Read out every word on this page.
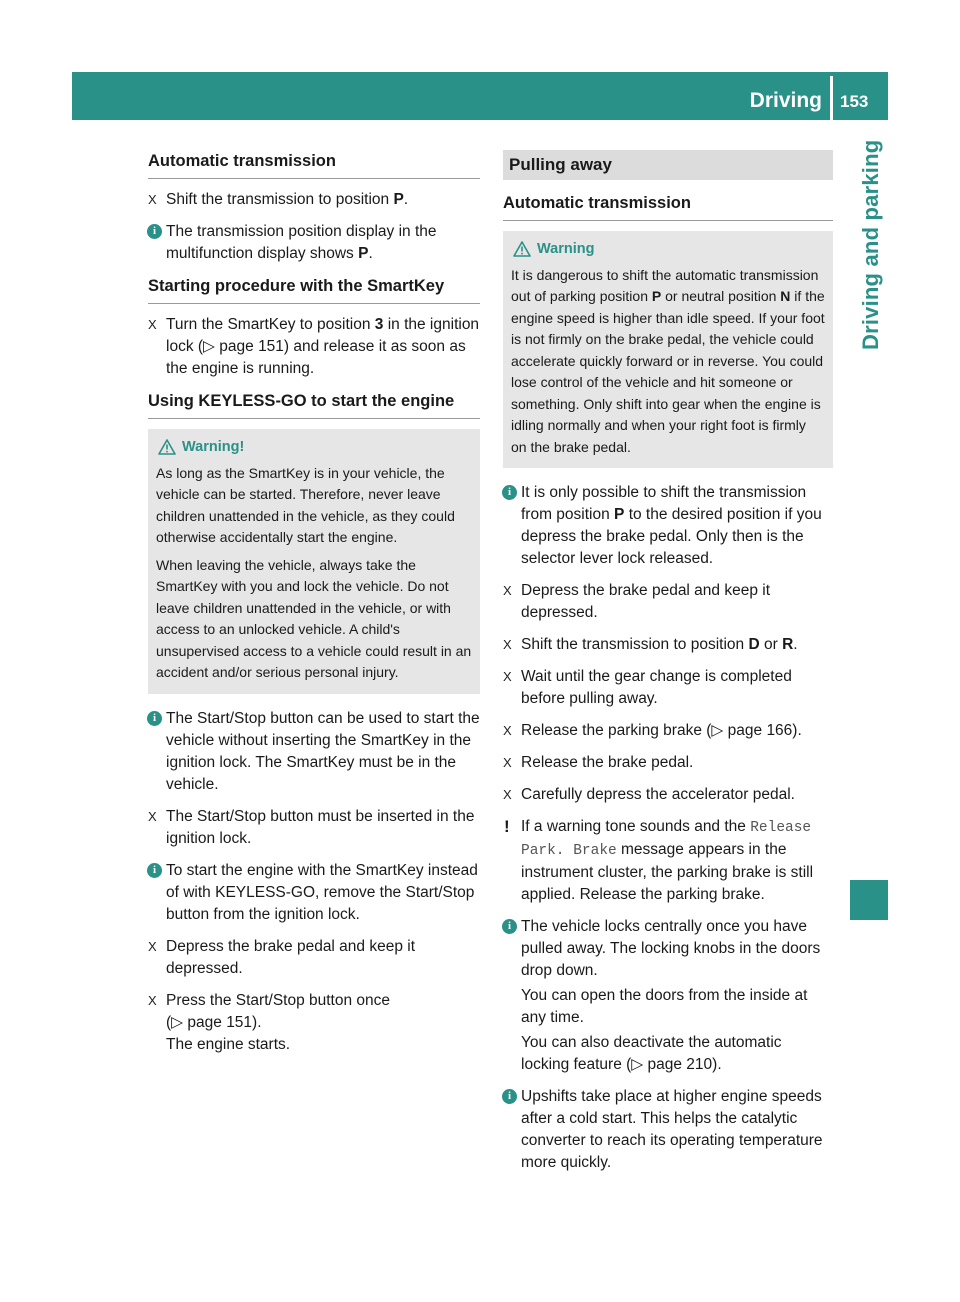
Driving 153
Driving and parking
Automatic transmission
X Shift the transmission to position P.
i The transmission position display in the multifunction display shows P.
Starting procedure with the SmartKey
X Turn the SmartKey to position 3 in the ignition lock (▷ page 151) and release it as soon as the engine is running.
Using KEYLESS-GO to start the engine
Warning!

As long as the SmartKey is in your vehicle, the vehicle can be started. Therefore, never leave children unattended in the vehicle, as they could otherwise accidentally start the engine.

When leaving the vehicle, always take the SmartKey with you and lock the vehicle. Do not leave children unattended in the vehicle, or with access to an unlocked vehicle. A child's unsupervised access to a vehicle could result in an accident and/or serious personal injury.

i The Start/Stop button can be used to start the vehicle without inserting the SmartKey in the ignition lock. The SmartKey must be in the vehicle.
X The Start/Stop button must be inserted in the ignition lock.
i To start the engine with the SmartKey instead of with KEYLESS-GO, remove the Start/Stop button from the ignition lock.
X Depress the brake pedal and keep it depressed.
X Press the Start/Stop button once
(▷ page 151).
The engine starts.
Pulling away
Automatic transmission
Warning

It is dangerous to shift the automatic transmission out of parking position P or neutral position N if the engine speed is higher than idle speed. If your foot is not firmly on the brake pedal, the vehicle could accelerate quickly forward or in reverse. You could lose control of the vehicle and hit someone or something. Only shift into gear when the engine is idling normally and when your right foot is firmly on the brake pedal.

i It is only possible to shift the transmission from position P to the desired position if you depress the brake pedal. Only then is the selector lever lock released.
X Depress the brake pedal and keep it depressed.
X Shift the transmission to position D or R.
X Wait until the gear change is completed before pulling away.
X Release the parking brake (▷ page 166).
X Release the brake pedal.
X Carefully depress the accelerator pedal.
! If a warning tone sounds and the Release Park. Brake message appears in the instrument cluster, the parking brake is still applied. Release the parking brake.
i The vehicle locks centrally once you have pulled away. The locking knobs in the doors drop down.

You can open the doors from the inside at any time.

You can also deactivate the automatic locking feature (▷ page 210).

i Upshifts take place at higher engine speeds after a cold start. This helps the catalytic converter to reach its operating temperature more quickly.
